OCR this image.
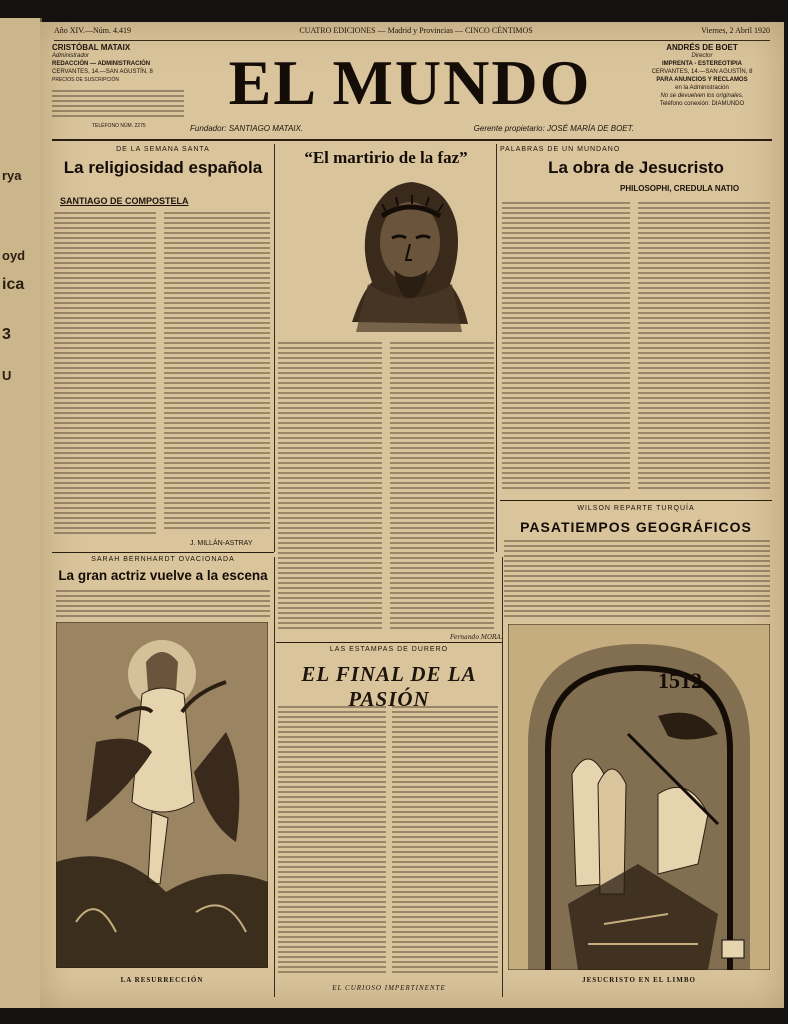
rya
oyd
ica
3
U
Año XIV.—Núm. 4.419	CUATRO EDICIONES — Madrid y Provincias — CINCO CÉNTIMOS	Viernes, 2 Abril 1920
CRISTÓBAL MATAIX
Administrador
REDACCIÓN — ADMINISTRACIÓN
CERVANTES, 14.—SAN AGUSTÍN, 8
PRECIOS DE SUSCRIPCIÓN
TELÉFONO NÚM. 2275
EL MUNDO	ANDRÉS DE BOET
Director
IMPRENTA - ESTEREOTIPIA
CERVANTES, 14.—SAN AGUSTÍN, 8
PARA ANUNCIOS Y RECLAMOS
en la Administración
No se devuelven los originales.
Teléfono conexión: DIAMUNDO
Fundador: SANTIAGO MATAIX.	Gerente propietario: JOSÉ MARÍA DE BOET.
DE LA SEMANA SANTA
La religiosidad española
SANTIAGO DE COMPOSTELA
J. MILLÁN-ASTRAY
“El martirio de la faz”
Fernando MORA.
PALABRAS DE UN MUNDANO
La obra de Jesucristo
PHILOSOPHI, CREDULA NATIO
WILSON REPARTE TURQUÍA
PASATIEMPOS GEOGRÁFICOS
SARAH BERNHARDT OVACIONADA
La gran actriz vuelve a la escena
LA RESURRECCIÓN
LAS ESTAMPAS DE DURERO
EL FINAL DE LA PASIÓN
EL CURIOSO IMPERTINENTE
1512
JESUCRISTO EN EL LIMBO
